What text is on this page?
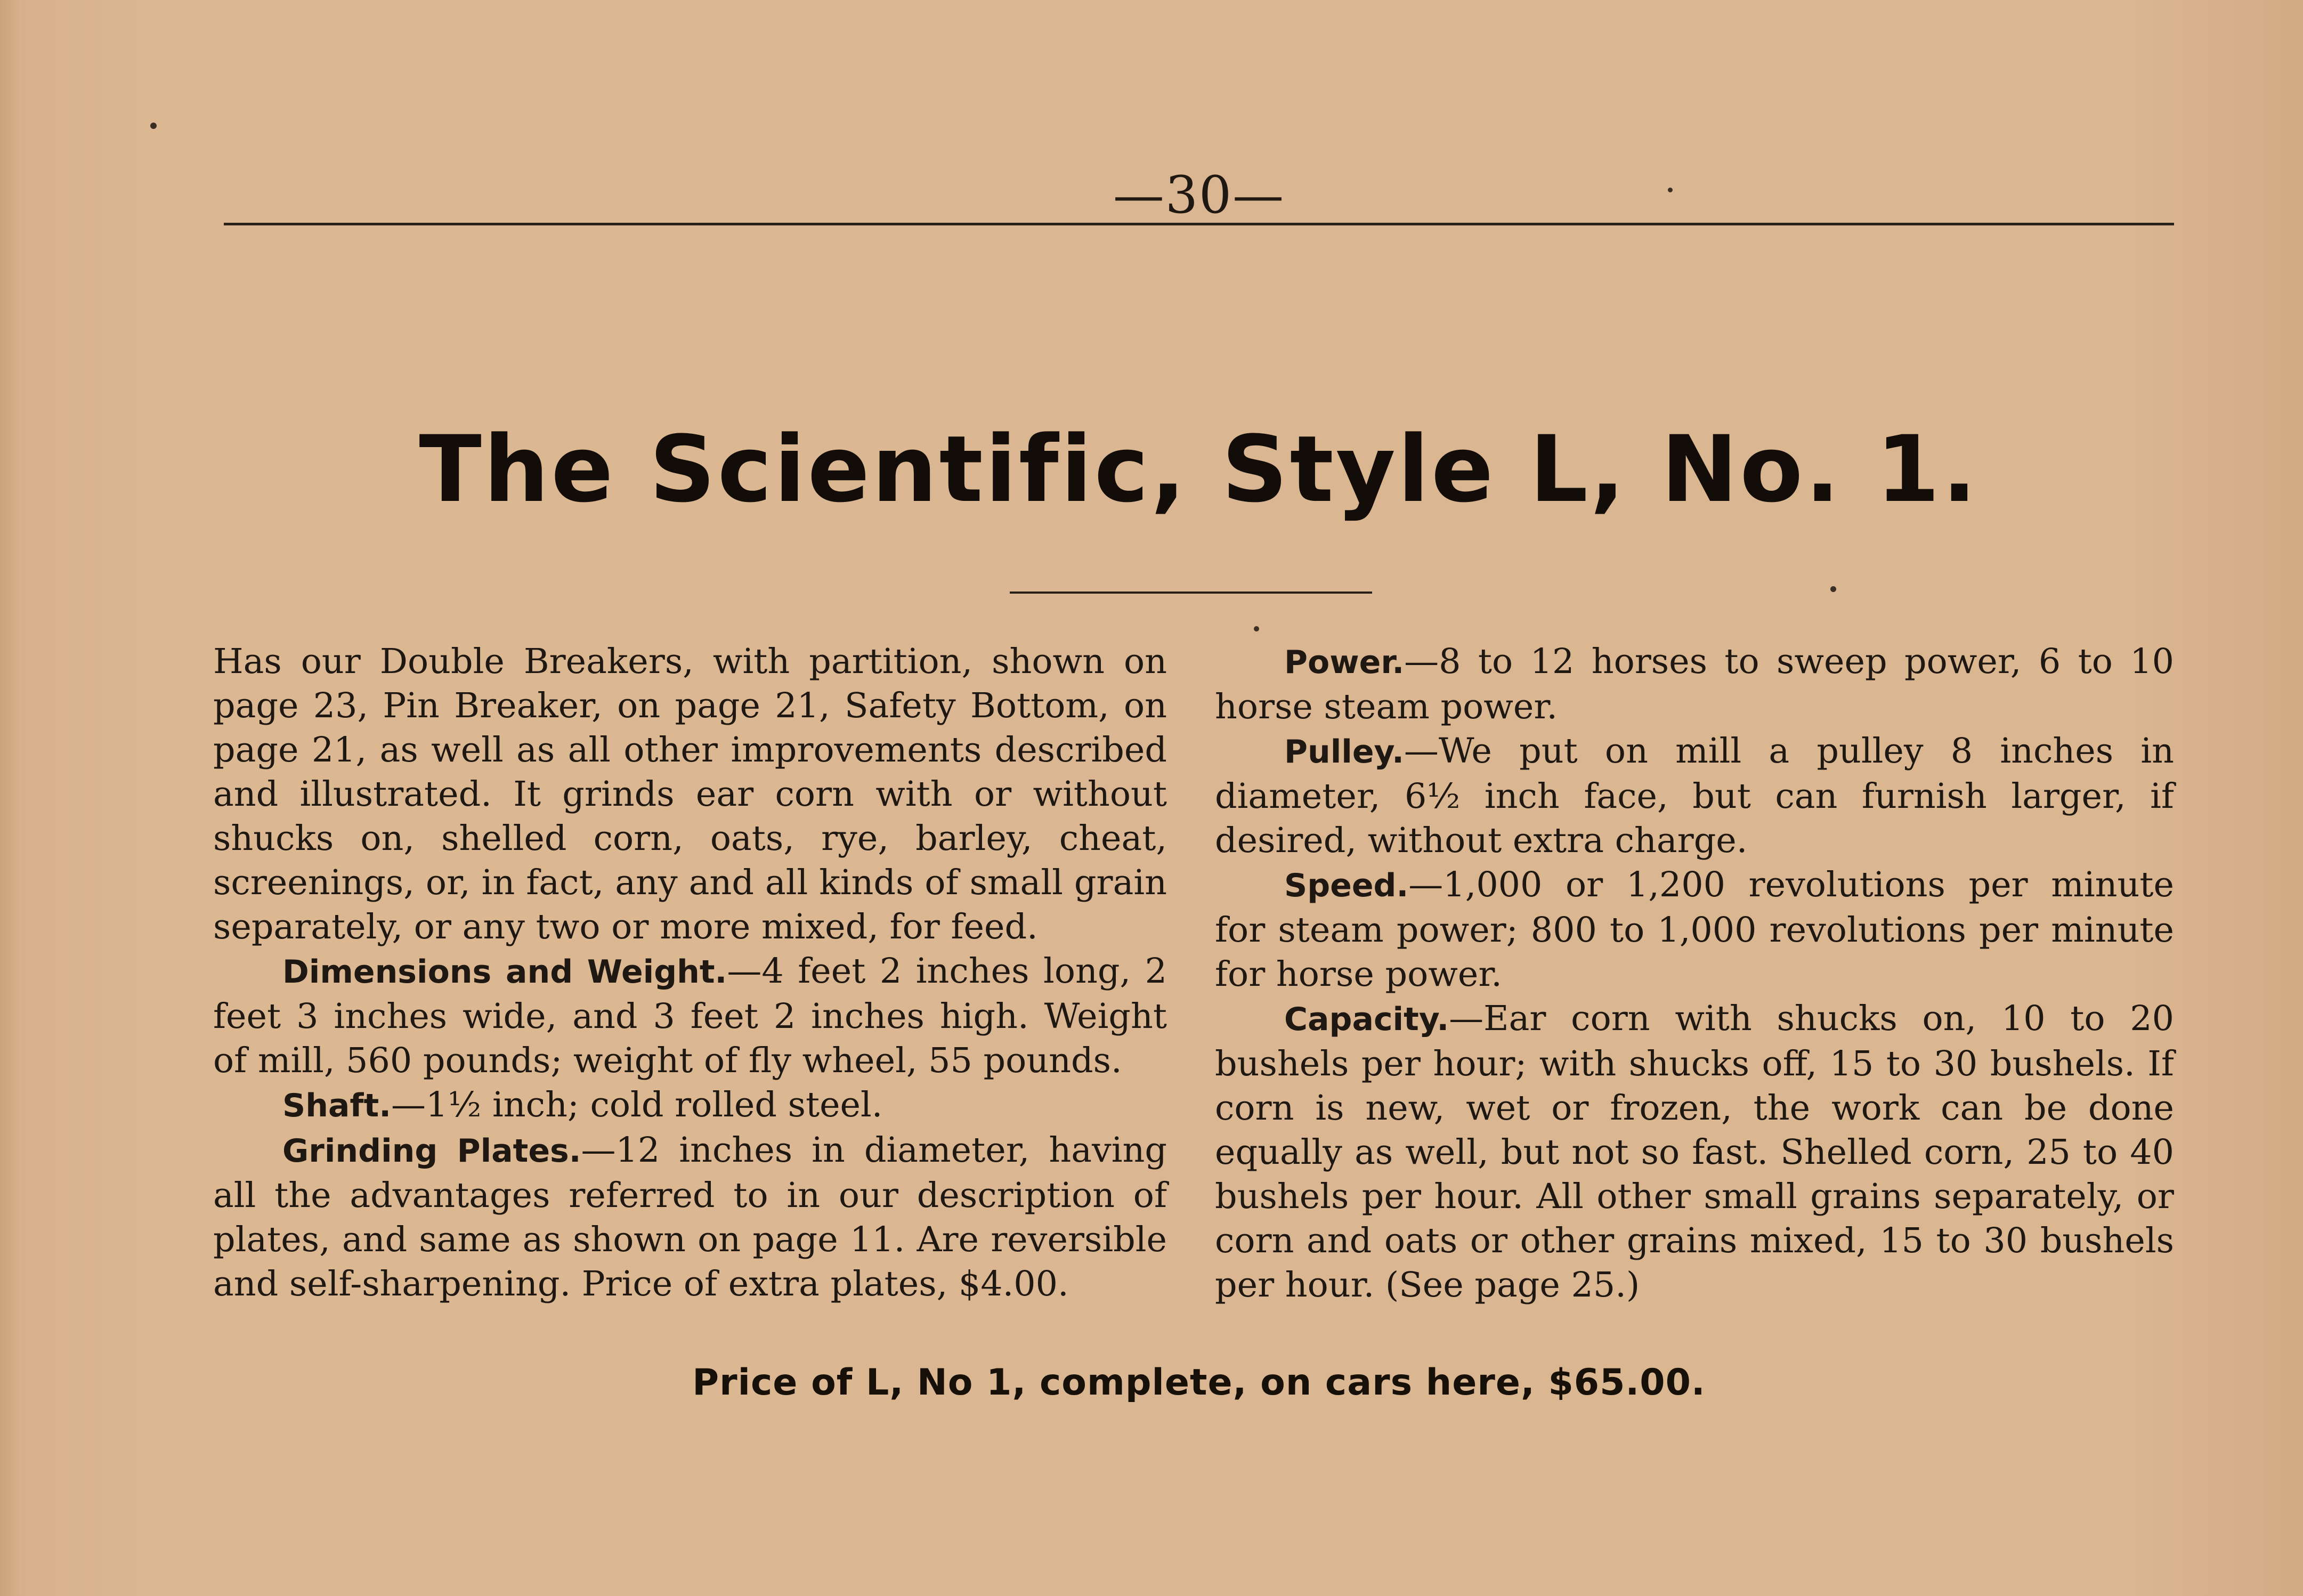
—30—
The Scientific, Style L, No. 1.

Has our Double Breakers, with partition, shown on page 23, Pin Breaker, on page 21, Safety Bottom, on page 21, as well as all other improvements described and illustrated. It grinds ear corn with or without shucks on, shelled corn, oats, rye, barley, cheat, screenings, or, in fact, any and all kinds of small grain separately, or any two or more mixed, for feed.

Dimensions and Weight.—4 feet 2 inches long, 2 feet 3 inches wide, and 3 feet 2 inches high. Weight of mill, 560 pounds; weight of fly wheel, 55 pounds.

Shaft.—1½ inch; cold rolled steel.

Grinding Plates.—12 inches in diameter, having all the advantages referred to in our description of plates, and same as shown on page 11. Are reversible and self-sharpening. Price of extra plates, $4.00.

Power.—8 to 12 horses to sweep power, 6 to 10 horse steam power.

Pulley.—We put on mill a pulley 8 inches in diameter, 6½ inch face, but can furnish larger, if desired, without extra charge.

Speed.—1,000 or 1,200 revolutions per minute for steam power; 800 to 1,000 revolutions per minute for horse power.

Capacity.—Ear corn with shucks on, 10 to 20 bushels per hour; with shucks off, 15 to 30 bushels. If corn is new, wet or frozen, the work can be done equally as well, but not so fast. Shelled corn, 25 to 40 bushels per hour. All other small grains separately, or corn and oats or other grains mixed, 15 to 30 bushels per hour. (See page 25.)

Price of L, No 1, complete, on cars here, $65.00.
